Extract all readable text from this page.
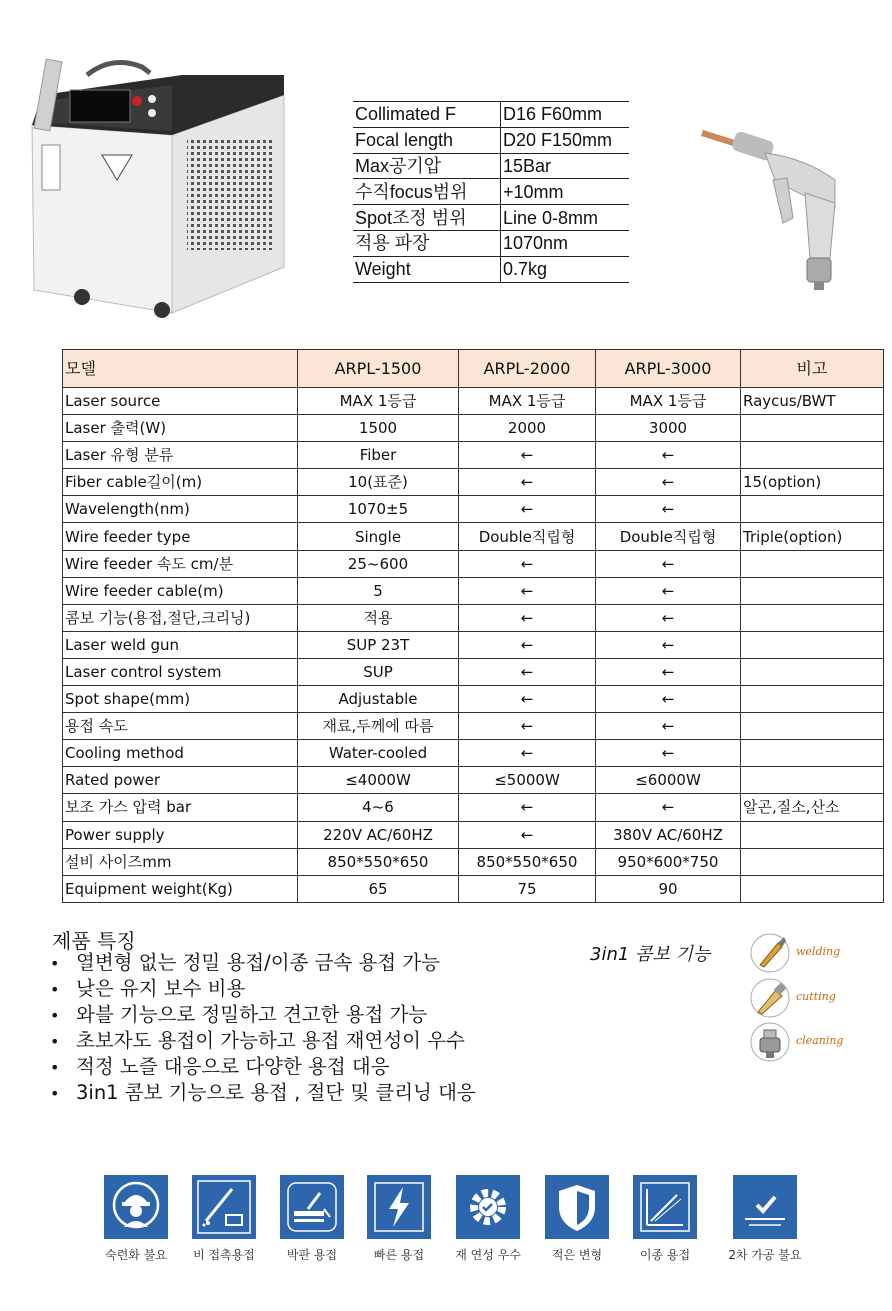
Collimated F	D16 F60mm
Focal length	D20 F150mm
Max공기압	15Bar
수직focus범위	+10mm
Spot조정 범위	Line 0-8mm
적용 파장	1070nm
Weight	0.7kg
모델	ARPL-1500	ARPL-2000	ARPL-3000	비고
Laser source	MAX 1등급	MAX 1등급	MAX 1등급	Raycus/BWT
Laser 출력(W)	1500	2000	3000	
Laser 유형 분류	Fiber	←	←	
Fiber cable길이(m)	10(표준)	←	←	15(option)
Wavelength(nm)	1070±5	←	←	
Wire feeder type	Single	Double직립형	Double직립형	Triple(option)
Wire feeder 속도 cm/분	25~600	←	←	
Wire feeder cable(m)	5	←	←	
콤보 기능(용접,절단,크리닝)	적용	←	←	
Laser weld gun	SUP 23T	←	←	
Laser control system	SUP	←	←	
Spot shape(mm)	Adjustable	←	←	
용접 속도	재료,두께에 따름	←	←	
Cooling method	Water-cooled	←	←	
Rated power	≤4000W	≤5000W	≤6000W	
보조 가스 압력 bar	4~6	←	←	알곤,질소,산소
Power supply	220V AC/60HZ	←	380V AC/60HZ	
설비 사이즈mm	850*550*650	850*550*650	950*600*750	
Equipment weight(Kg)	65	75	90	
제품 특징
• 열변형 없는 정밀 용접/이종 금속 용접 가능
• 낮은 유지 보수 비용
• 와블 기능으로 정밀하고 견고한 용접 가능
• 초보자도 용접이 가능하고 용접 재연성이 우수
• 적정 노즐 대응으로 다양한 용접 대응
• 3in1 콤보 기능으로 용접 , 절단 및 클리닝 대응
3in1 콤보 기능	welding
cutting
cleaning
숙련화 불요	비 접촉용접	박판 용접	빠른 용접	재 연성 우수	적은 변형	이종 용접	2차 가공 불요
